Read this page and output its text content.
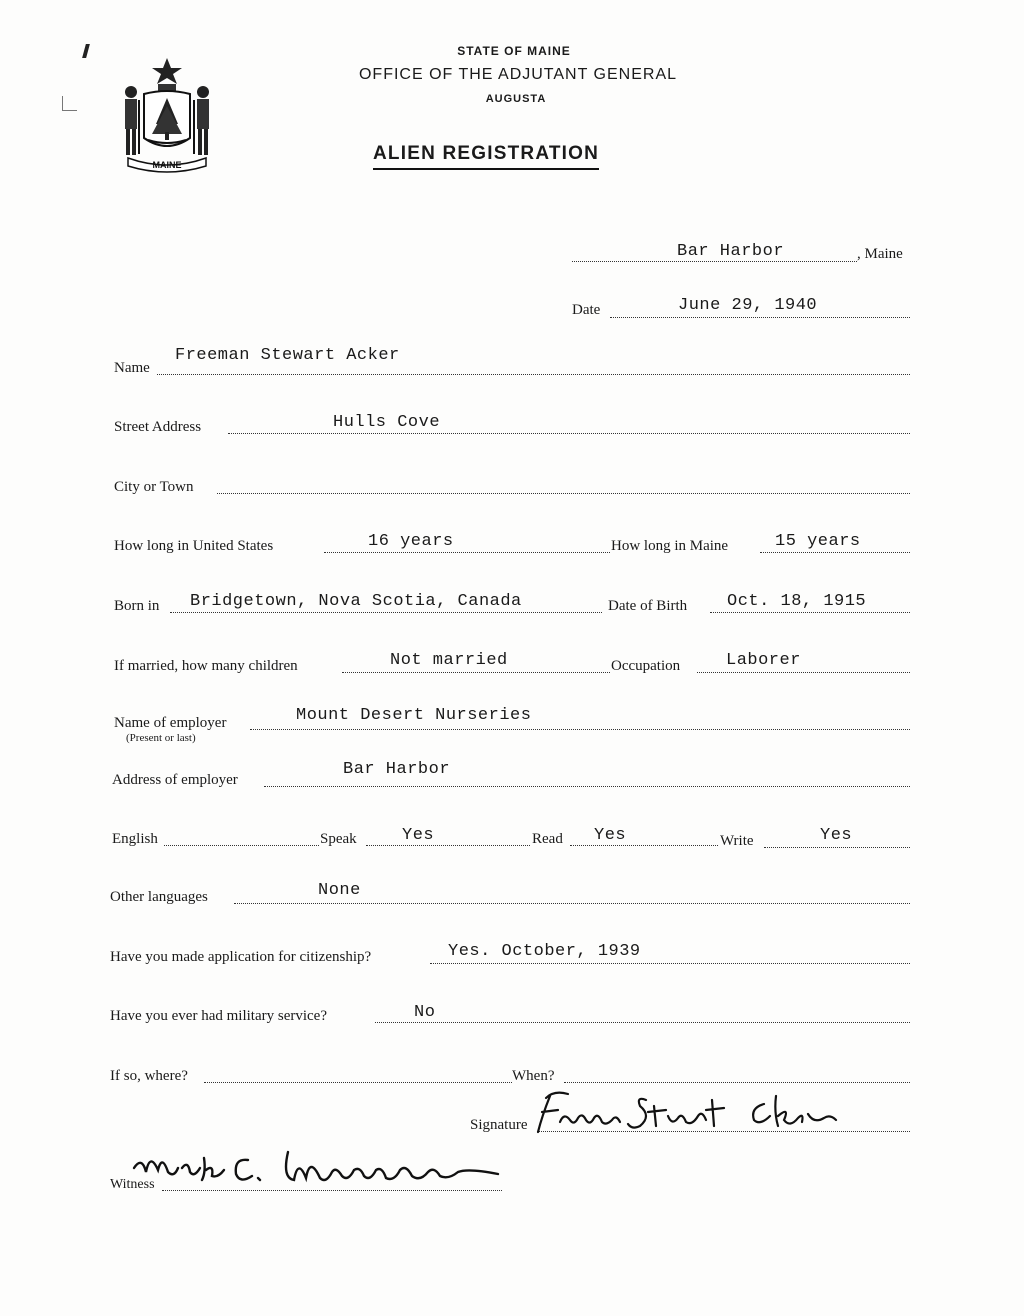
MAINE
STATE OF MAINE
OFFICE OF THE ADJUTANT GENERAL
AUGUSTA
ALIEN REGISTRATION
Bar Harbor	, Maine
Date	June 29, 1940
Name
Freeman Stewart Acker
Street Address	Hulls Cove
City or Town
How long in United States	16 years	How long in Maine	15 years
Born in Bridgetown, Nova Scotia, Canada	Date of Birth Oct. 18, 1915
If married, how many children	Not married	Occupation	Laborer
Name of employer
(Present or last)
Mount Desert Nurseries
Address of employer
Bar Harbor
English	Speak	Yes	Read Yes	Write	Yes
Other languages	None
Have you made application for citizenship?	Yes. October, 1939
Have you ever had military service?	No
If so, where?	When?
Signature
Witness
